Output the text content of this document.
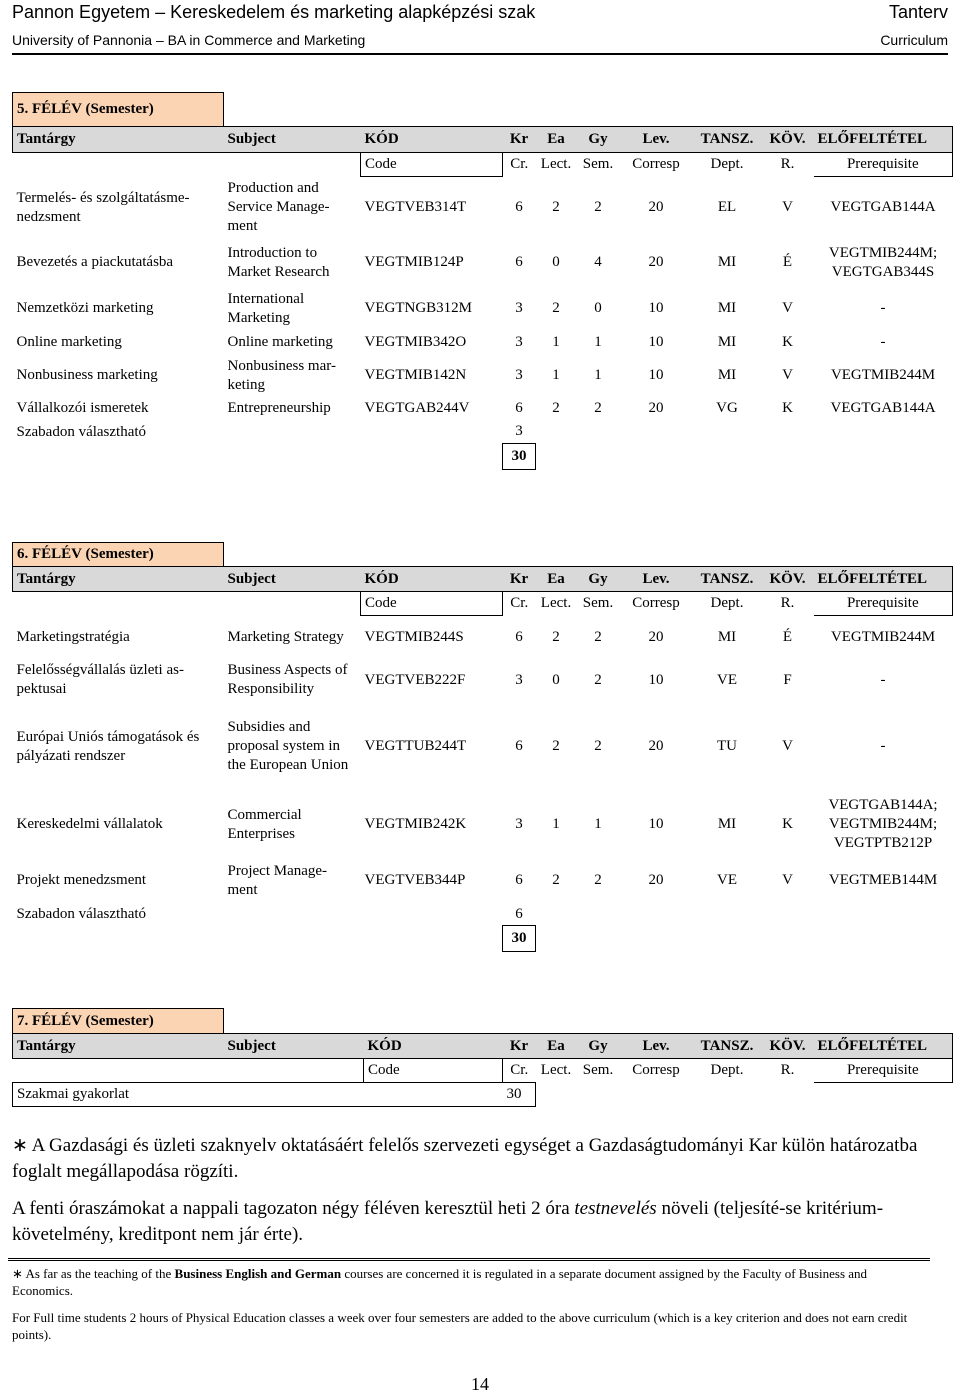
Pannon Egyetem – Kereskedelem és marketing alapképzési szak	Tanterv
University of Pannonia – BA in Commerce and Marketing	Curriculum
5. FÉLÉV (Semester)									
Tantárgy	Subject	KÓD	Kr	Ea	Gy	Lev.	TANSZ.	KÖV.	ELŐFELTÉTEL
		Code	Cr.	Lect.	Sem.	Corresp	Dept.	R.	Prerequisite
Termelés- és szolgáltatásme-nedzsment	Production and Service Manage-ment	VEGTVEB314T	6	2	2	20	EL	V	VEGTGAB144A
Bevezetés a piackutatásba	Introduction to Market Research	VEGTMIB124P	6	0	4	20	MI	É	VEGTMIB244M; VEGTGAB344S
Nemzetközi marketing	International Marketing	VEGTNGB312M	3	2	0	10	MI	V	-
Online marketing	Online marketing	VEGTMIB342O	3	1	1	10	MI	K	-
Nonbusiness marketing	Nonbusiness mar-keting	VEGTMIB142N	3	1	1	10	MI	V	VEGTMIB244M
Vállalkozói ismeretek	Entrepreneurship	VEGTGAB244V	6	2	2	20	VG	K	VEGTGAB144A
Szabadon választható			3						
			30						
6. FÉLÉV (Semester)									
Tantárgy	Subject	KÓD	Kr	Ea	Gy	Lev.	TANSZ.	KÖV.	ELŐFELTÉTEL
		Code	Cr.	Lect.	Sem.	Corresp	Dept.	R.	Prerequisite
Marketingstratégia	Marketing Strategy	VEGTMIB244S	6	2	2	20	MI	É	VEGTMIB244M
Felelősségvállalás üzleti as-pektusai	Business Aspects of Responsibility	VEGTVEB222F	3	0	2	10	VE	F	-
Európai Uniós támogatások és pályázati rendszer	Subsidies and proposal system in the European Union	VEGTTUB244T	6	2	2	20	TU	V	-
Kereskedelmi vállalatok	Commercial Enterprises	VEGTMIB242K	3	1	1	10	MI	K	VEGTGAB144A; VEGTMIB244M; VEGTPTB212P
Projekt menedzsment	Project Manage-ment	VEGTVEB344P	6	2	2	20	VE	V	VEGTMEB144M
Szabadon választható			6						
			30						
7. FÉLÉV (Semester)									
Tantárgy	Subject	KÓD	Kr	Ea	Gy	Lev.	TANSZ.	KÖV.	ELŐFELTÉTEL
		Code	Cr.	Lect.	Sem.	Corresp	Dept.	R.	Prerequisite
Szakmai gyakorlat			30						
∗ A Gazdasági és üzleti szaknyelv oktatásáért felelős szervezeti egységet a Gazdaságtudományi Kar külön határozatba foglalt megállapodása rögzíti.
A fenti óraszámokat a nappali tagozaton négy féléven keresztül heti 2 óra testnevelés növeli (teljesíté-se kritérium-követelmény, kreditpont nem jár érte).

∗ As far as the teaching of the Business English and German courses are concerned it is regulated in a separate document assigned by the Faculty of Business and Economics.

For Full time students 2 hours of Physical Education classes a week over four semesters are added to the above curriculum (which is a key criterion and does not earn credit points).

14
